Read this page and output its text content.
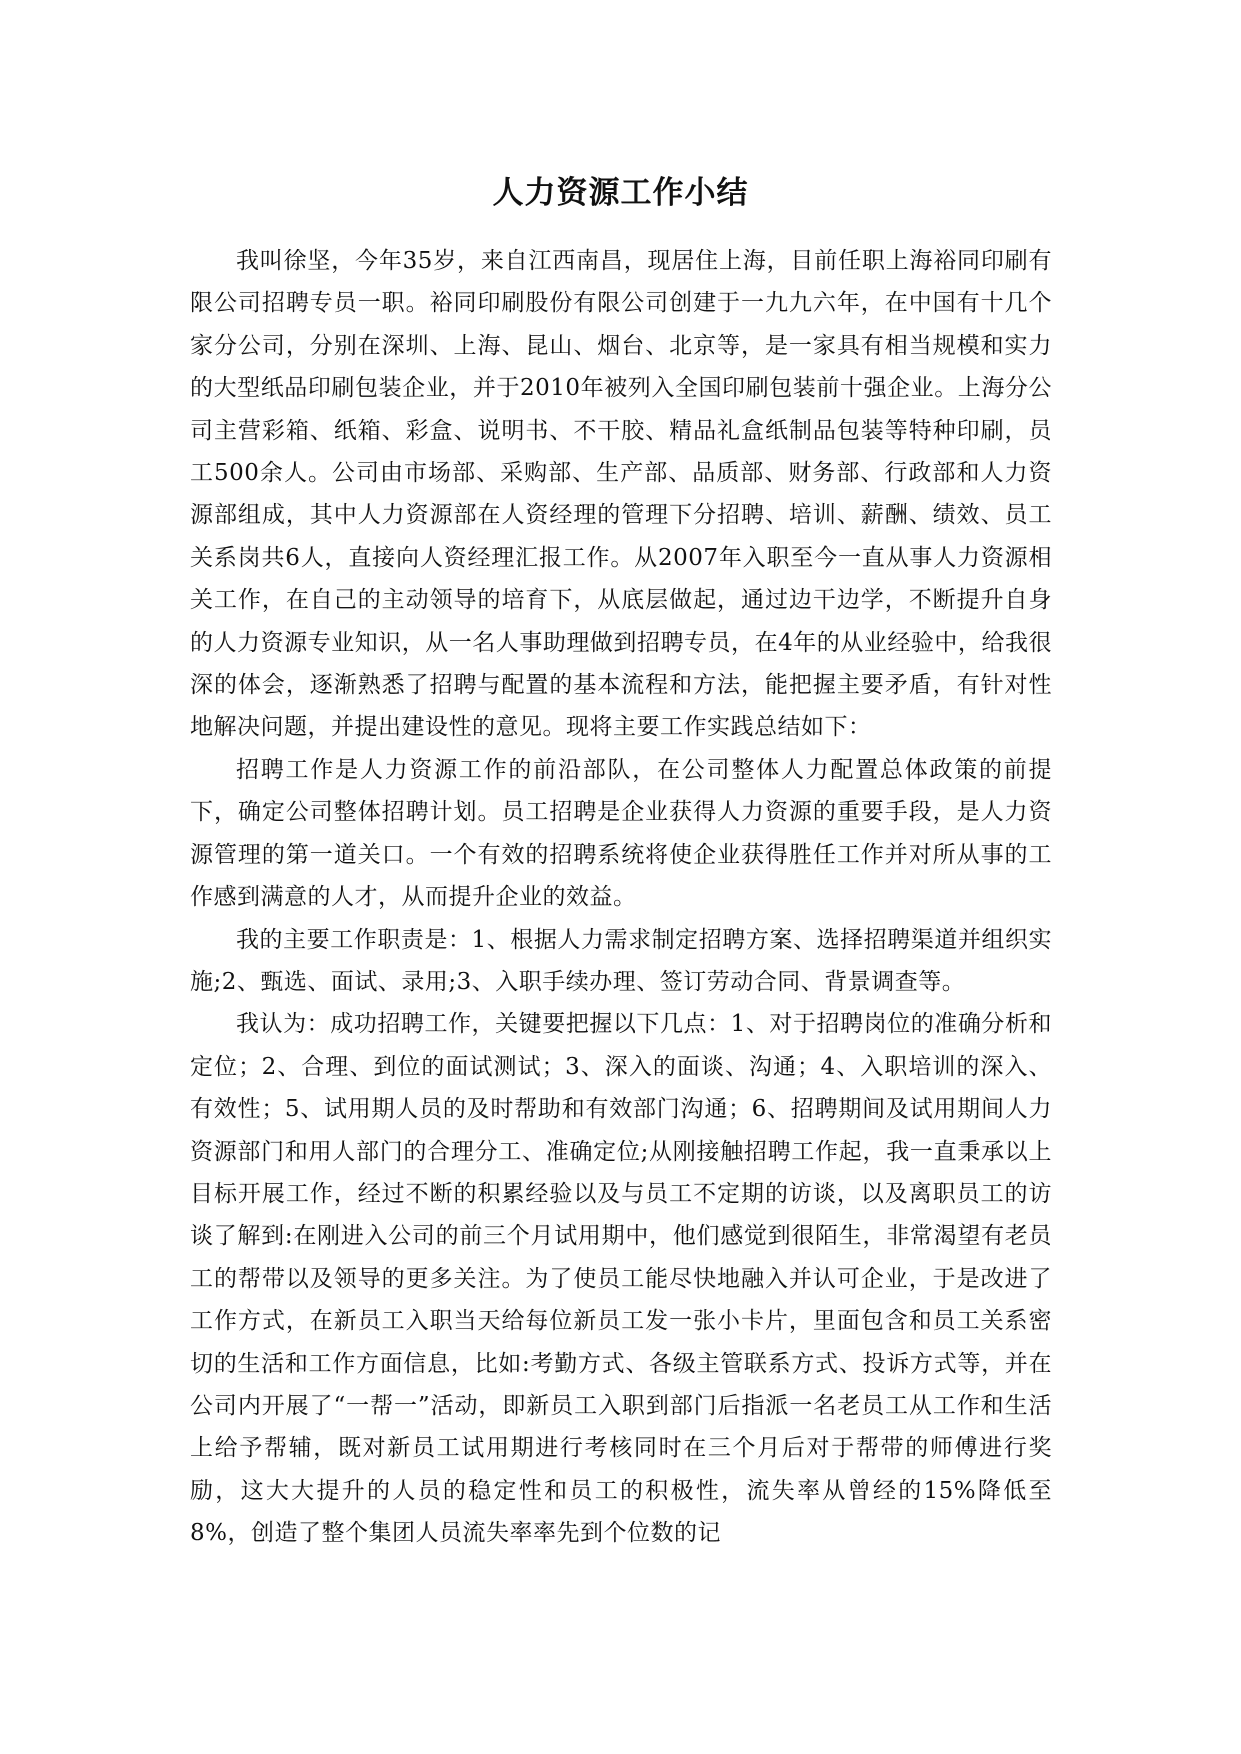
人力资源工作小结

我叫徐坚，今年35岁，来自江西南昌，现居住上海，目前任职上海裕同印刷有限公司招聘专员一职。裕同印刷股份有限公司创建于一九九六年，在中国有十几个家分公司，分别在深圳、上海、昆山、烟台、北京等，是一家具有相当规模和实力的大型纸品印刷包装企业，并于2010年被列入全国印刷包装前十强企业。上海分公司主营彩箱、纸箱、彩盒、说明书、不干胶、精品礼盒纸制品包装等特种印刷，员工500余人。公司由市场部、采购部、生产部、品质部、财务部、行政部和人力资源部组成，其中人力资源部在人资经理的管理下分招聘、培训、薪酬、绩效、员工关系岗共6人，直接向人资经理汇报工作。从2007年入职至今一直从事人力资源相关工作，在自己的主动领导的培育下，从底层做起，通过边干边学，不断提升自身的人力资源专业知识，从一名人事助理做到招聘专员，在4年的从业经验中，给我很深的体会，逐渐熟悉了招聘与配置的基本流程和方法，能把握主要矛盾，有针对性地解决问题，并提出建设性的意见。现将主要工作实践总结如下：

招聘工作是人力资源工作的前沿部队，在公司整体人力配置总体政策的前提下，确定公司整体招聘计划。员工招聘是企业获得人力资源的重要手段，是人力资源管理的第一道关口。一个有效的招聘系统将使企业获得胜任工作并对所从事的工作感到满意的人才，从而提升企业的效益。

我的主要工作职责是：1、根据人力需求制定招聘方案、选择招聘渠道并组织实施;2、甄选、面试、录用;3、入职手续办理、签订劳动合同、背景调查等。

我认为：成功招聘工作，关键要把握以下几点：1、对于招聘岗位的准确分析和定位；2、合理、到位的面试测试；3、深入的面谈、沟通；4、入职培训的深入、有效性；5、试用期人员的及时帮助和有效部门沟通；6、招聘期间及试用期间人力资源部门和用人部门的合理分工、准确定位;从刚接触招聘工作起，我一直秉承以上目标开展工作，经过不断的积累经验以及与员工不定期的访谈，以及离职员工的访谈了解到:在刚进入公司的前三个月试用期中，他们感觉到很陌生，非常渴望有老员工的帮带以及领导的更多关注。为了使员工能尽快地融入并认可企业，于是改进了工作方式，在新员工入职当天给每位新员工发一张小卡片，里面包含和员工关系密切的生活和工作方面信息，比如:考勤方式、各级主管联系方式、投诉方式等，并在公司内开展了“一帮一”活动，即新员工入职到部门后指派一名老员工从工作和生活上给予帮辅，既对新员工试用期进行考核同时在三个月后对于帮带的师傅进行奖励，这大大提升的人员的稳定性和员工的积极性，流失率从曾经的15%降低至8%，创造了整个集团人员流失率率先到个位数的记
